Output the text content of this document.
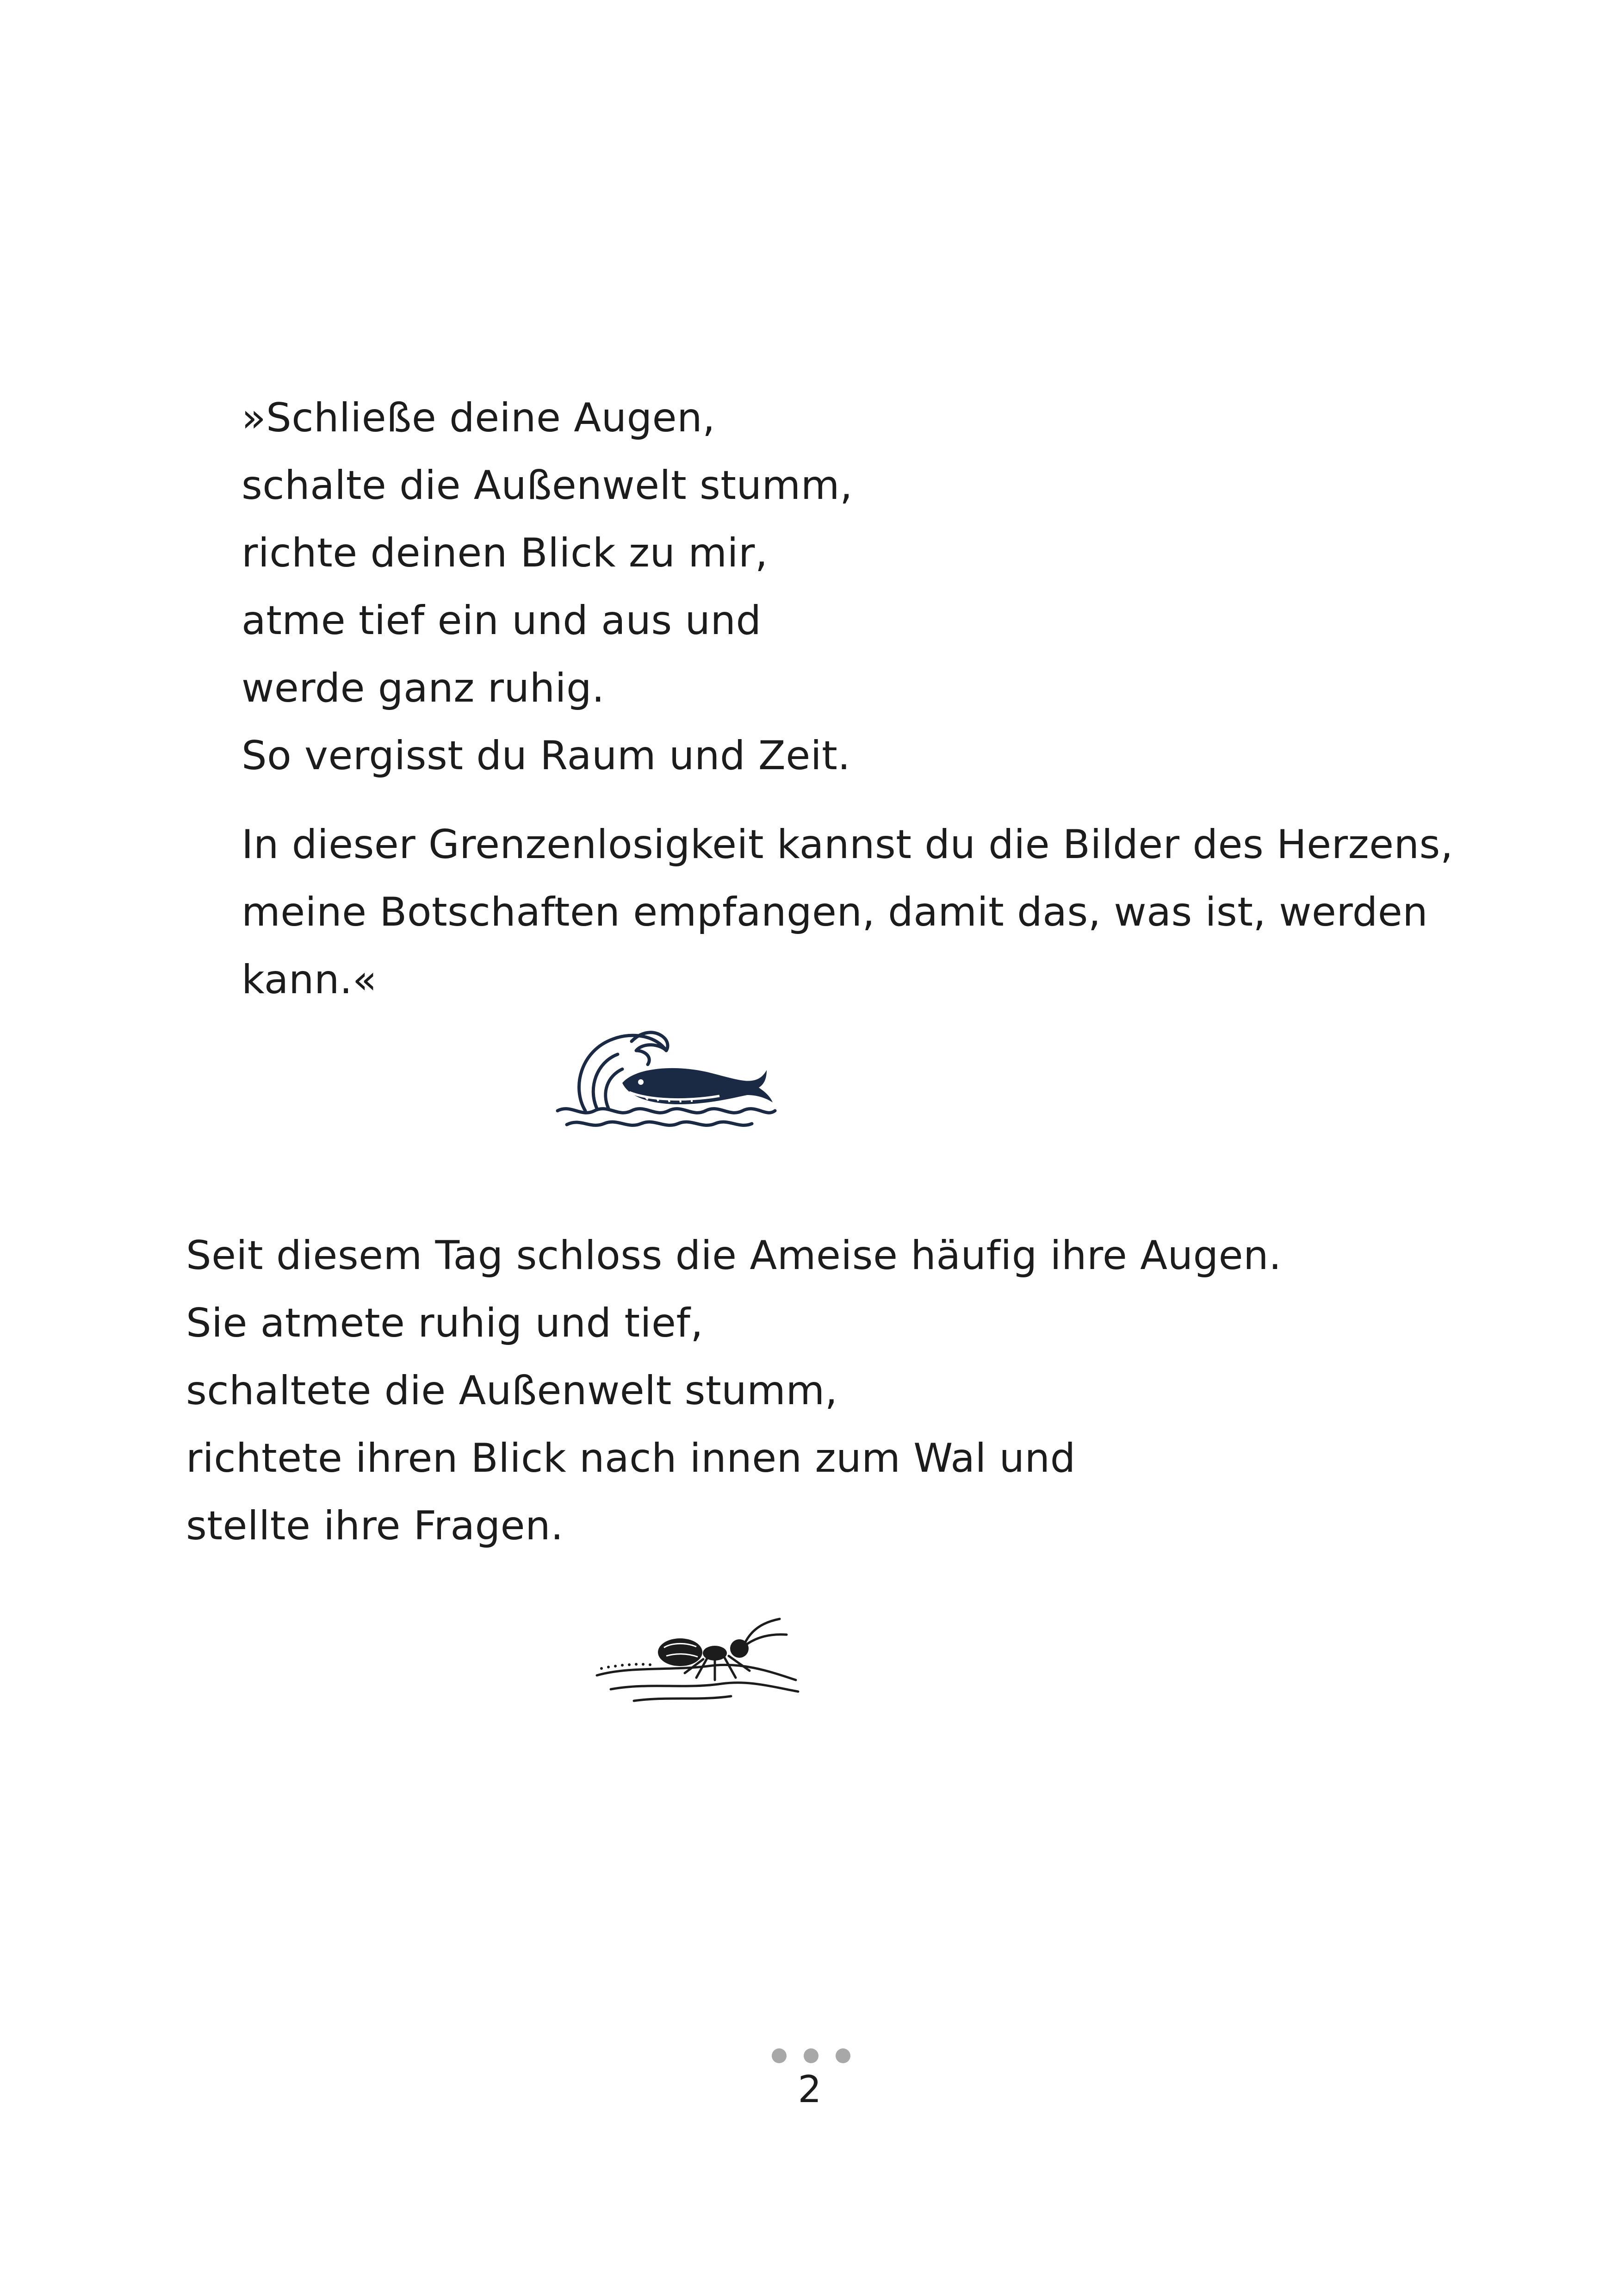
»Schließe deine Augen,
schalte die Außenwelt stumm,
richte deinen Blick zu mir,
atme tief ein und aus und
werde ganz ruhig.
So vergisst du Raum und Zeit.
In dieser Grenzenlosigkeit kannst du die Bilder des Herzens, meine Botschaften empfangen, damit das, was ist, werden kann.«
Seit diesem Tag schloss die Ameise häufig ihre Augen.
Sie atmete ruhig und tief,
schaltete die Außenwelt stumm,
richtete ihren Blick nach innen zum Wal und
stellte ihre Fragen.
2
